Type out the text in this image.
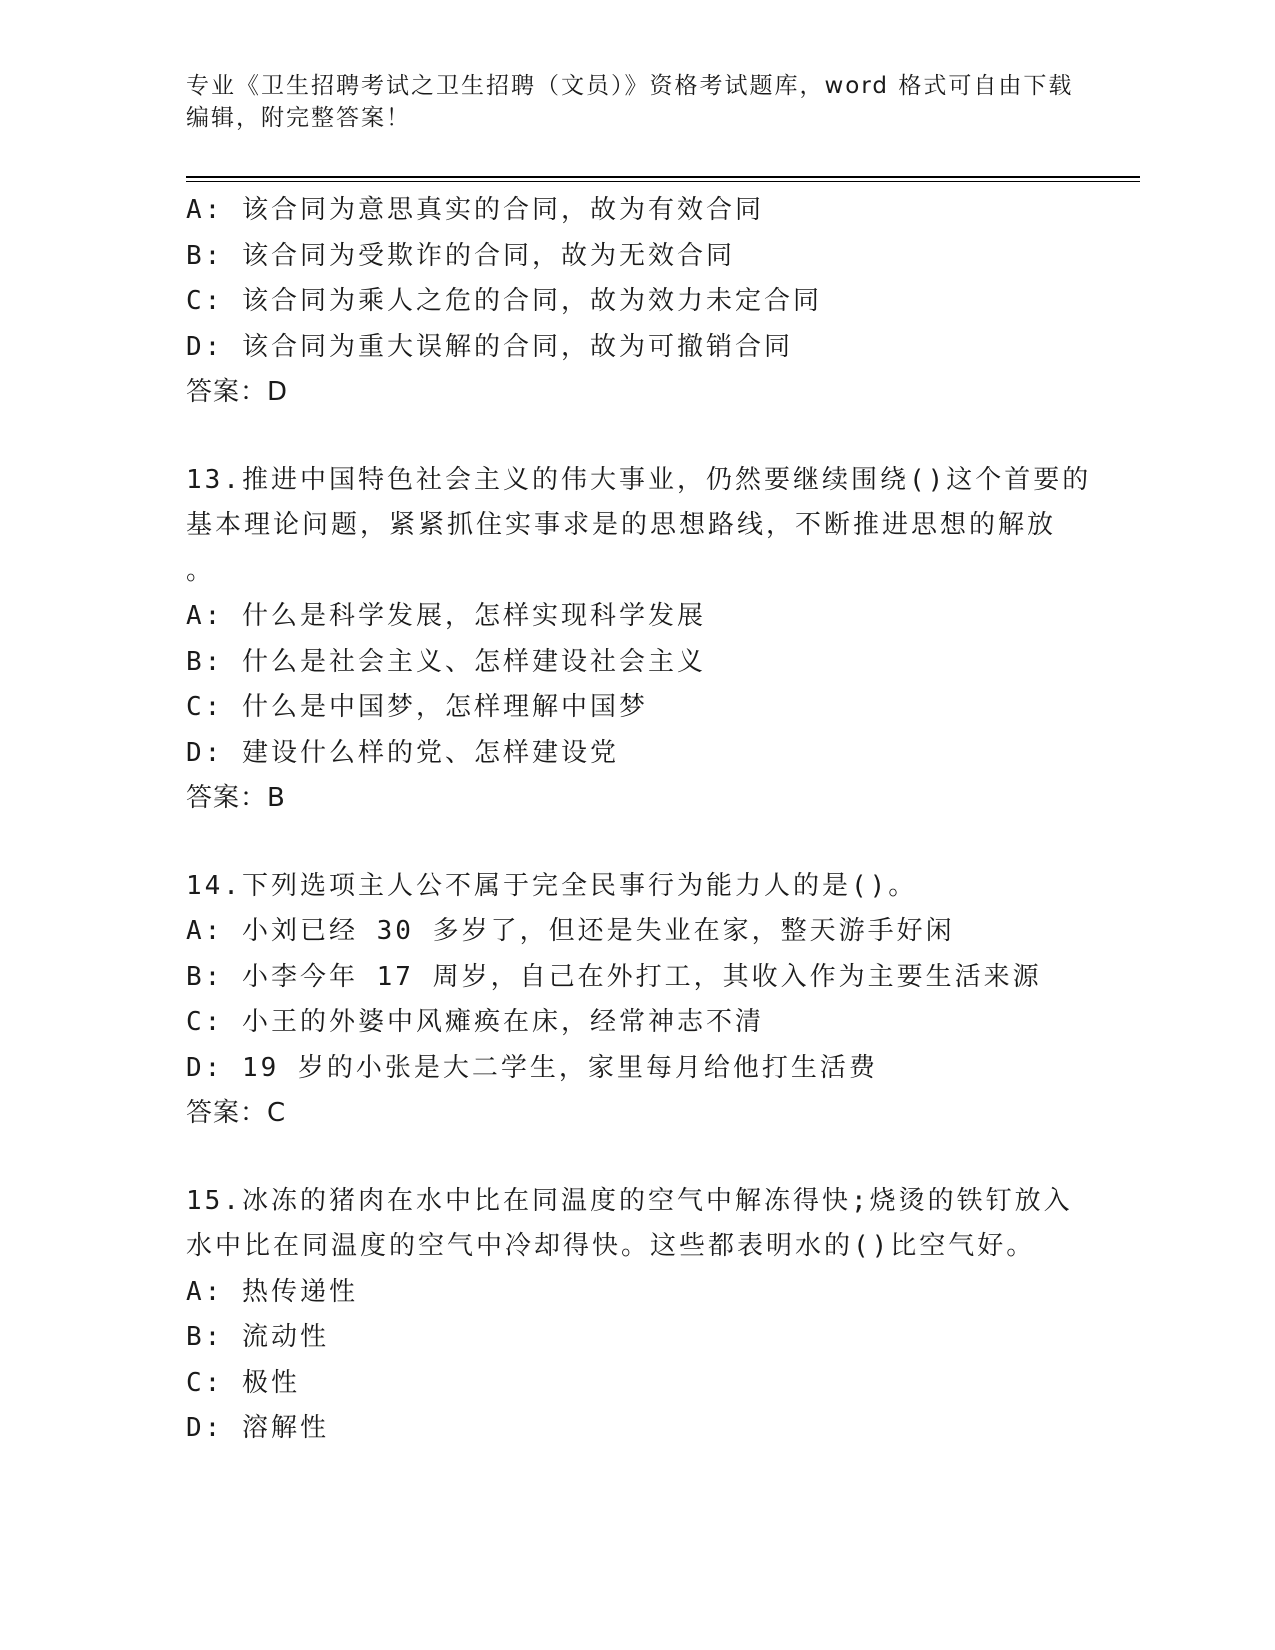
专业《卫生招聘考试之卫生招聘（文员）》资格考试题库，word 格式可自由下载
编辑，附完整答案！
A: 该合同为意思真实的合同，故为有效合同
B: 该合同为受欺诈的合同，故为无效合同
C: 该合同为乘人之危的合同，故为效力未定合同
D: 该合同为重大误解的合同，故为可撤销合同
答案：D
13.推进中国特色社会主义的伟大事业，仍然要继续围绕()这个首要的
基本理论问题，紧紧抓住实事求是的思想路线，不断推进思想的解放
。
A: 什么是科学发展，怎样实现科学发展
B: 什么是社会主义、怎样建设社会主义
C: 什么是中国梦，怎样理解中国梦
D: 建设什么样的党、怎样建设党
答案：B
14.下列选项主人公不属于完全民事行为能力人的是()。
A: 小刘已经 30 多岁了，但还是失业在家，整天游手好闲
B: 小李今年 17 周岁，自己在外打工，其收入作为主要生活来源
C: 小王的外婆中风瘫痪在床，经常神志不清
D: 19 岁的小张是大二学生，家里每月给他打生活费
答案：C
15.冰冻的猪肉在水中比在同温度的空气中解冻得快;烧烫的铁钉放入
水中比在同温度的空气中冷却得快。这些都表明水的()比空气好。
A: 热传递性
B: 流动性
C: 极性
D: 溶解性
